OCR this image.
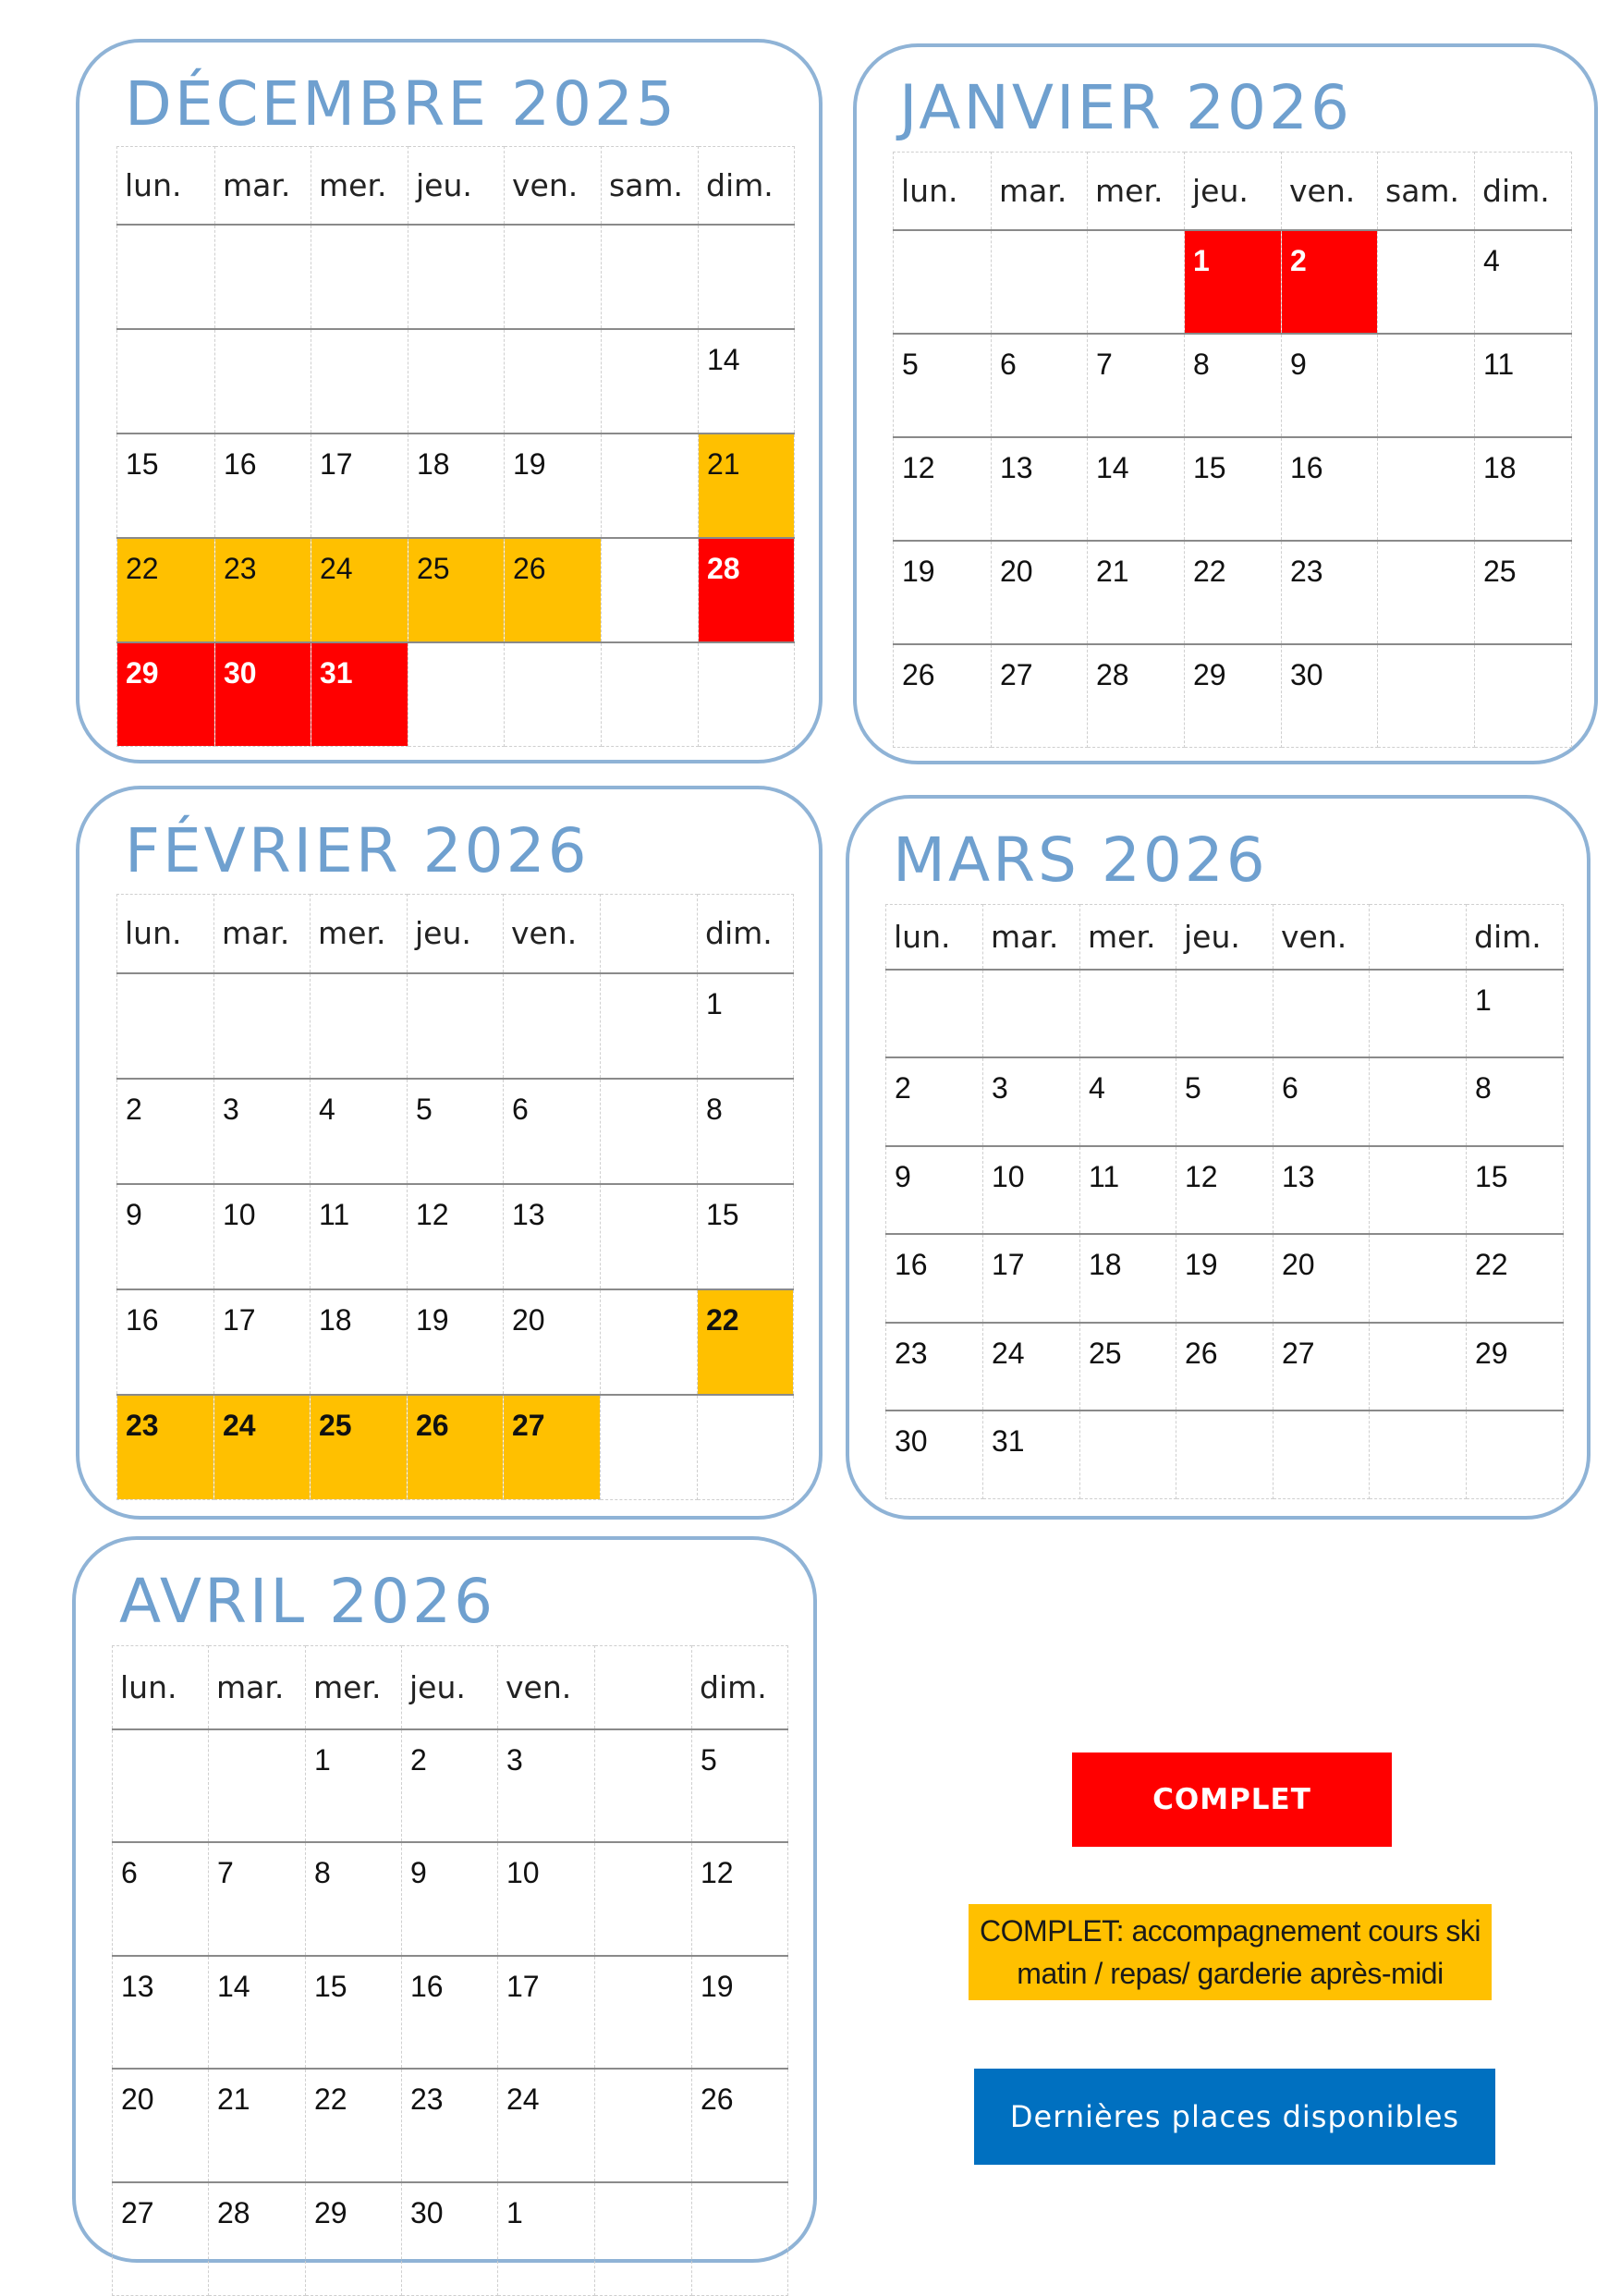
COMPLET
COMPLET: accompagnement cours ski
matin / repas/ garderie après-midi
Dernières places disponibles
DÉCEMBRE 2025
lun.	mar.	mer.	jeu.	ven.	sam.	dim.

						14

15	16	17	18	19		21

22	23	24	25	26		28

29	30	31				

JANVIER 2026
lun.	mar.	mer.	jeu.	ven.	sam.	dim.

			1	2		4

5	6	7	8	9		11

12	13	14	15	16		18

19	20	21	22	23		25

26	27	28	29	30		

FÉVRIER 2026
lun.	mar.	mer.	jeu.	ven.		dim.

						1

2	3	4	5	6		8

9	10	11	12	13		15

16	17	18	19	20		22

23	24	25	26	27		

MARS 2026
lun.	mar.	mer.	jeu.	ven.		dim.

						1

2	3	4	5	6		8

9	10	11	12	13		15

16	17	18	19	20		22

23	24	25	26	27		29

30	31					

AVRIL 2026
lun.	mar.	mer.	jeu.	ven.		dim.

		1	2	3		5

6	7	8	9	10		12

13	14	15	16	17		19

20	21	22	23	24		26

27	28	29	30	1		
